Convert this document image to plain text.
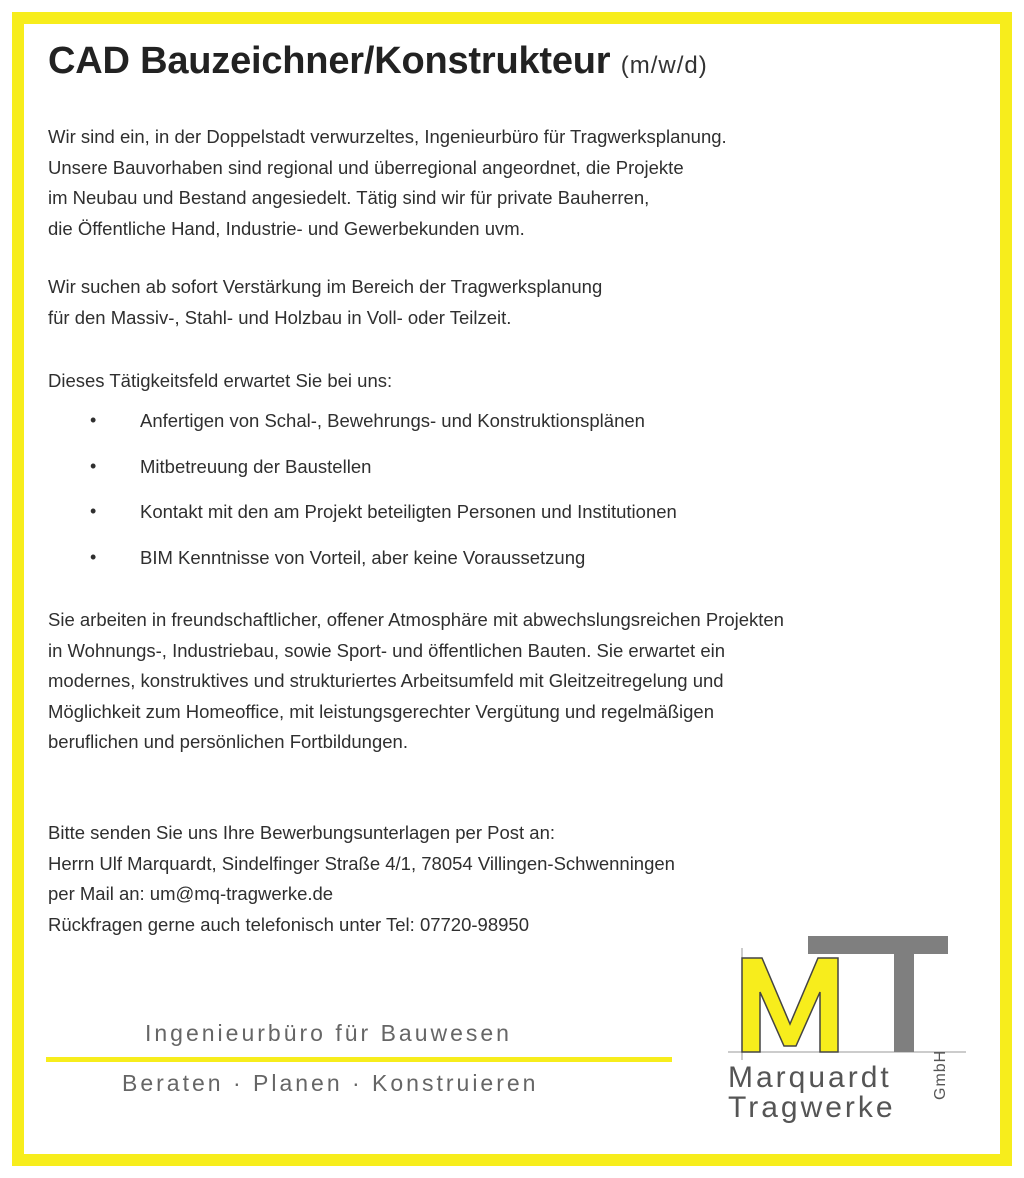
CAD Bauzeichner/Konstrukteur (m/w/d)

Wir sind ein, in der Doppelstadt verwurzeltes, Ingenieurbüro für Tragwerksplanung.
Unsere Bauvorhaben sind regional und überregional angeordnet, die Projekte
im Neubau und Bestand angesiedelt. Tätig sind wir für private Bauherren,
die Öffentliche Hand, Industrie- und Gewerbekunden uvm.

Wir suchen ab sofort Verstärkung im Bereich der Tragwerksplanung
für den Massiv-, Stahl- und Holzbau in Voll- oder Teilzeit.

Dieses Tätigkeitsfeld erwartet Sie bei uns:

• Anfertigen von Schal-, Bewehrungs- und Konstruktionsplänen
• Mitbetreuung der Baustellen
• Kontakt mit den am Projekt beteiligten Personen und Institutionen
• BIM Kenntnisse von Vorteil, aber keine Voraussetzung

Sie arbeiten in freundschaftlicher, offener Atmosphäre mit abwechslungsreichen Projekten
in Wohnungs-, Industriebau, sowie Sport- und öffentlichen Bauten. Sie erwartet ein
modernes, konstruktives und strukturiertes Arbeitsumfeld mit Gleitzeitregelung und
Möglichkeit zum Homeoffice, mit leistungsgerechter Vergütung und regelmäßigen
beruflichen und persönlichen Fortbildungen.

Bitte senden Sie uns Ihre Bewerbungsunterlagen per Post an:
Herrn Ulf Marquardt, Sindelfinger Straße 4/1, 78054 Villingen-Schwenningen
per Mail an: um@mq-tragwerke.de
Rückfragen gerne auch telefonisch unter Tel: 07720-98950

Ingenieurbüro für Bauwesen
Beraten · Planen · Konstruieren	Marquardt
Tragwerke
GmbH
